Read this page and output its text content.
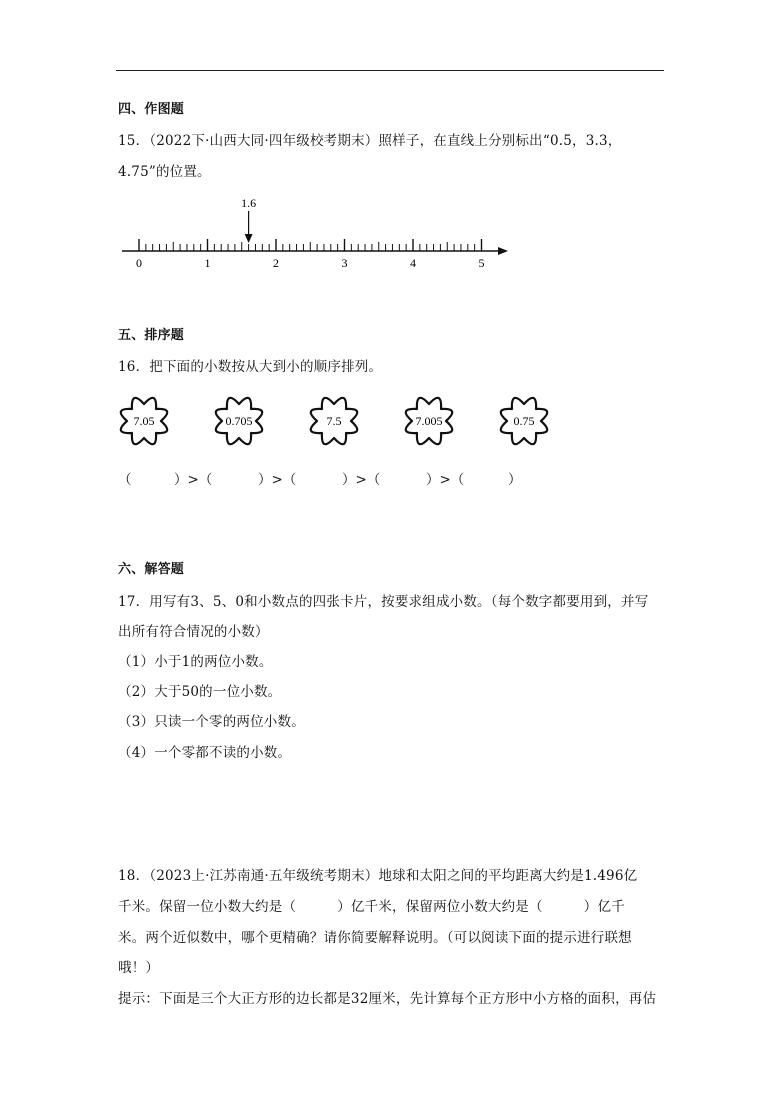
四、作图题
15．（2022下·山西大同·四年级校考期末）照样子，在直线上分别标出“0.5，3.3，
4.75”的位置。
1.6
0	1	2	3	4	5
五、排序题
16．把下面的小数按从大到小的顺序排列。
7.05	0.705	7.5	7.005	0.75
（	）>（	）>（	）>（	）>（	）
六、解答题
17．用写有3、5、0和小数点的四张卡片，按要求组成小数。（每个数字都要用到，并写
出所有符合情况的小数）
（1）小于1的两位小数。
（2）大于50的一位小数。
（3）只读一个零的两位小数。
（4）一个零都不读的小数。
18．（2023上·江苏南通·五年级统考期末）地球和太阳之间的平均距离大约是1.496亿
千米。保留一位小数大约是（　　　）亿千米，保留两位小数大约是（　　　）亿千
米。两个近似数中，哪个更精确？请你简要解释说明。（可以阅读下面的提示进行联想
哦！）
提示：下面是三个大正方形的边长都是32厘米，先计算每个正方形中小方格的面积，再估
